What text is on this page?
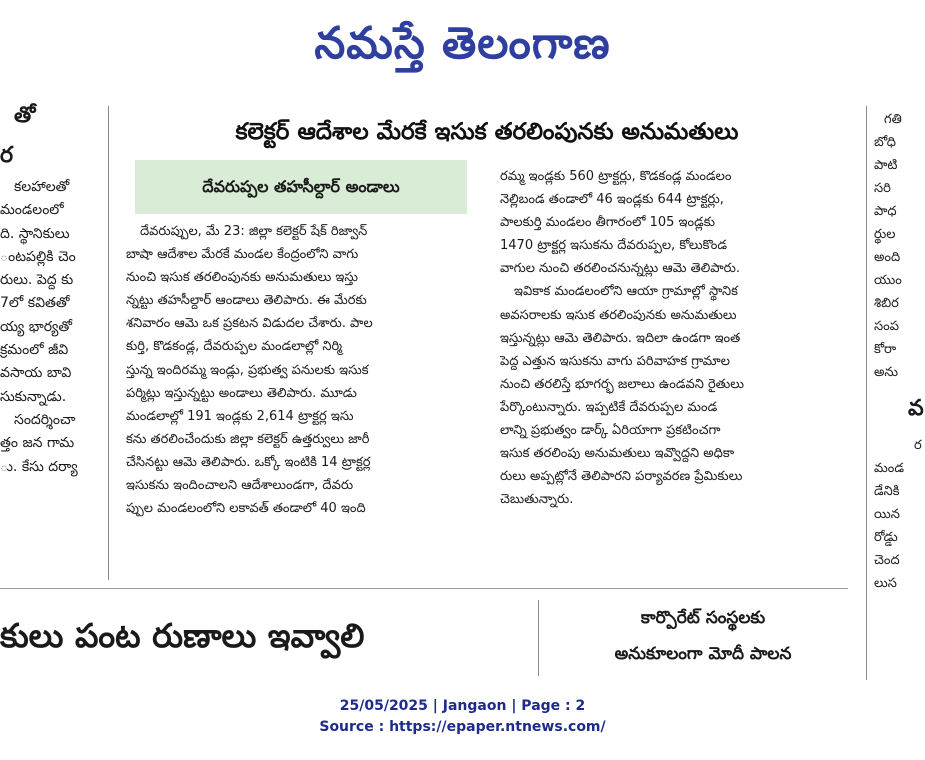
నమస్తే తెలంగాణ
తో
ర
కలహాలతో
మండలంలో
ది. స్థానికులు
ంటపల్లికి చెం
రులు. పెద్ద కు
7లో కవితతో
య్య భార్యతో
క్రమంలో జీవి
వసాయ బావి
సుకున్నాడు.
సందర్శించా
త్తం జన గామ
ు. కేసు దర్యా
కలెక్టర్ ఆదేశాల మేరకే ఇసుక తరలింపునకు అనుమతులు
దేవరుప్పల తహసీల్దార్ అండాలు
దేవరుప్పుల, మే 23: జిల్లా కలెక్టర్ షేక్ రిజ్వాన్
బాషా ఆదేశాల మేరకే మండల కేంద్రంలోని వాగు
నుంచి ఇసుక తరలింపునకు అనుమతులు ఇస్తు
న్నట్టు తహసీల్దార్ ఆండాలు తెలిపారు. ఈ మేరకు
శనివారం ఆమె ఒక ప్రకటన విడుదల చేశారు. పాల
కుర్తి, కొడకండ్ల, దేవరుప్పల మండలాల్లో నిర్మి
స్తున్న ఇందిరమ్మ ఇండ్లు, ప్రభుత్వ పనులకు ఇసుక
పర్మిట్లు ఇస్తున్నట్టు అండాలు తెలిపారు. మూడు
మండలాల్లో 191 ఇండ్లకు 2,614 ట్రాక్టర్ల ఇసు
కను తరలించేందుకు జిల్లా కలెక్టర్ ఉత్తర్వులు జారీ
చేసినట్టు ఆమె తెలిపారు. ఒక్కో ఇంటికి 14 ట్రాక్టర్ల
ఇసుకను ఇందించాలని ఆదేశాలుండగా, దేవరు
ప్పుల మండలంలోని లకావత్ తండాలో 40 ఇంది
రమ్మ ఇండ్లకు 560 ట్రాక్టర్లు, కొడకండ్ల మండలం
నెల్లిబండ తండాలో 46 ఇండ్లకు 644 ట్రాక్టర్లు,
పాలకుర్తి మండలం తీగారంలో 105 ఇండ్లకు
1470 ట్రాక్టర్ల ఇసుకను దేవరుప్పల, కోలుకొండ
వాగుల నుంచి తరలించనున్నట్లు ఆమె తెలిపారు.
ఇవికాక మండలంలోని ఆయా గ్రామాల్లో స్థానిక
అవసరాలకు ఇసుక తరలింపునకు అనుమతులు
ఇస్తున్నట్లు ఆమె తెలిపారు. ఇదిలా ఉండగా ఇంత
పెద్ద ఎత్తున ఇసుకను వాగు పరివాహక గ్రామాల
నుంచి తరలిస్తే భూగర్భ జలాలు ఉండవని రైతులు
పేర్కొంటున్నారు. ఇప్పటికే దేవరుప్పల మండ
లాన్ని ప్రభుత్వం డార్క్ ఏరియాగా ప్రకటించగా
ఇసుక తరలింపు అనుమతులు ఇవ్వొద్దని అధికా
రులు అప్పట్లోనే తెలిపారని పర్యావరణ ప్రేమికులు
చెబుతున్నారు.
గతి
బోధి
పాటి
సరి
పాధ
ర్థుల
అంది
యుం
శిబిర
సంప
కోరా
అను
వ
ర
మండ
డేనికి
యిన
రోడ్డు
చెంద
లుస
కులు పంట రుణాలు ఇవ్వాలి	కార్పొరేట్ సంస్థలకు
అనుకూలంగా మోదీ పాలన
25/05/2025 | Jangaon | Page : 2
Source : https://epaper.ntnews.com/
